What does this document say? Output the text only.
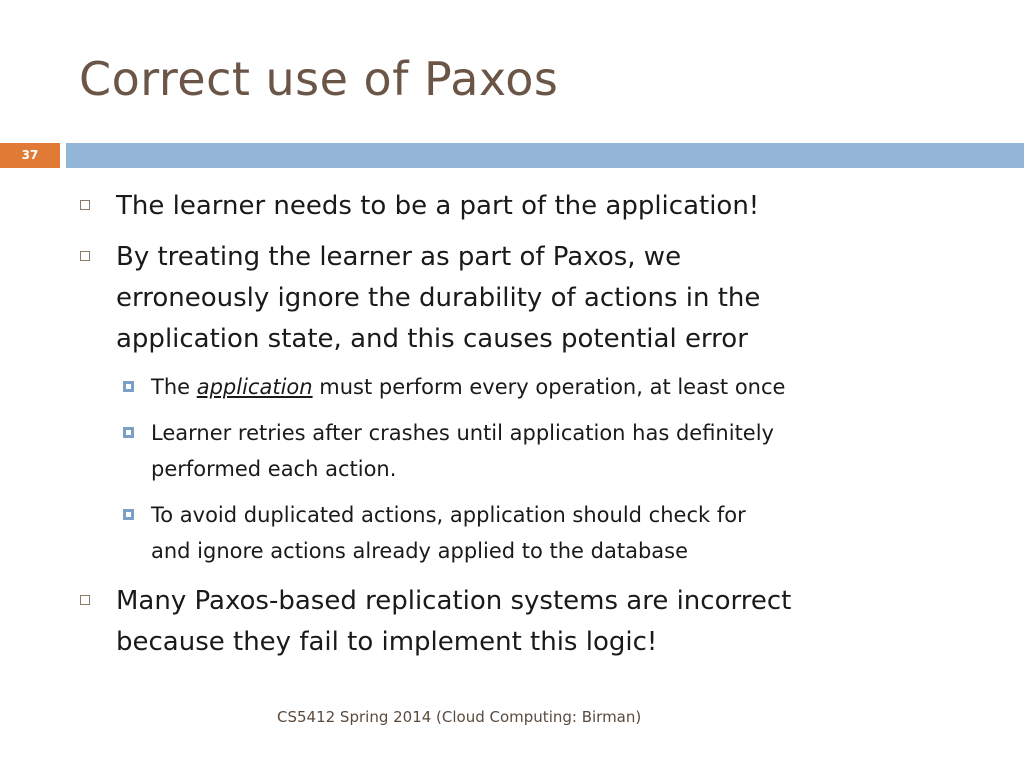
Correct use of Paxos
37
The learner needs to be a part of the application!
By treating the learner as part of Paxos, we
erroneously ignore the durability of actions in the
application state, and this causes potential error
The application must perform every operation, at least once
Learner retries after crashes until application has definitely
performed each action.
To avoid duplicated actions, application should check for
and ignore actions already applied to the database
Many Paxos-based replication systems are incorrect
because they fail to implement this logic!
CS5412 Spring 2014 (Cloud Computing: Birman)
